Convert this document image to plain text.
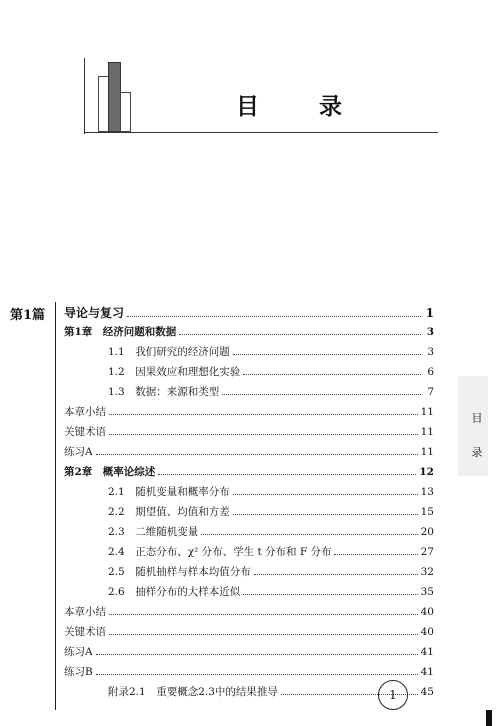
目 录
第1篇 导论与复习	1
第1章　经济问题和数据	3
1.1　我们研究的经济问题	3
1.2　因果效应和理想化实验	6
1.3　数据：来源和类型	7
本章小结	11
关键术语	11
练习A	11
第2章　概率论综述	12
2.1　随机变量和概率分布	13
2.2　期望值、均值和方差	15
2.3　二维随机变量	20
2.4　正态分布、χ² 分布、学生 t 分布和 F 分布	27
2.5　随机抽样与样本均值分布	32
2.6　抽样分布的大样本近似	35
本章小结	40
关键术语	40
练习A	41
练习B	41
附录2.1　重要概念2.3中的结果推导	45
目 录
1
